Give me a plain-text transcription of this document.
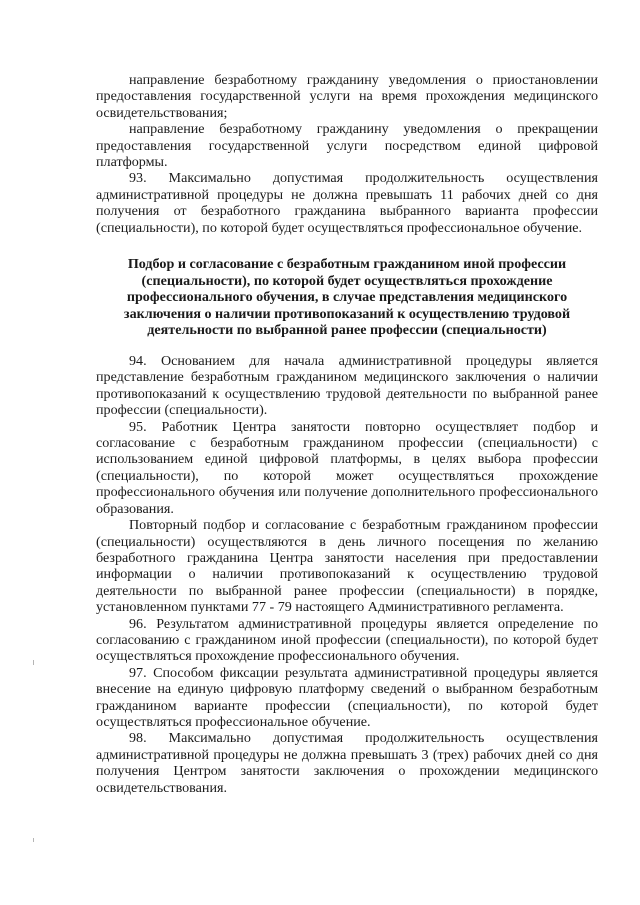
направление безработному гражданину уведомления о приостановлении предоставления государственной услуги на время прохождения медицинского освидетельствования;

направление безработному гражданину уведомления о прекращении предоставления государственной услуги посредством единой цифровой платформы.

93. Максимально допустимая продолжительность осуществления административной процедуры не должна превышать 11 рабочих дней со дня получения от безработного гражданина выбранного варианта профессии (специальности), по которой будет осуществляться профессиональное обучение.

Подбор и согласование с безработным гражданином иной профессии (специальности), по которой будет осуществляться прохождение профессионального обучения, в случае представления медицинского заключения о наличии противопоказаний к осуществлению трудовой деятельности по выбранной ранее профессии (специальности)

94. Основанием для начала административной процедуры является представление безработным гражданином медицинского заключения о наличии противопоказаний к осуществлению трудовой деятельности по выбранной ранее профессии (специальности).

95. Работник Центра занятости повторно осуществляет подбор и согласование с безработным гражданином профессии (специальности) с использованием единой цифровой платформы, в целях выбора профессии (специальности), по которой может осуществляться прохождение профессионального обучения или получение дополнительного профессионального образования.

Повторный подбор и согласование с безработным гражданином профессии (специальности) осуществляются в день личного посещения по желанию безработного гражданина Центра занятости населения при предоставлении информации о наличии противопоказаний к осуществлению трудовой деятельности по выбранной ранее профессии (специальности) в порядке, установленном пунктами 77 - 79 настоящего Административного регламента.

96. Результатом административной процедуры является определение по согласованию с гражданином иной профессии (специальности), по которой будет осуществляться прохождение профессионального обучения.

97. Способом фиксации результата административной процедуры является внесение на единую цифровую платформу сведений о выбранном безработным гражданином варианте профессии (специальности), по которой будет осуществляться профессиональное обучение.

98. Максимально допустимая продолжительность осуществления административной процедуры не должна превышать 3 (трех) рабочих дней со дня получения Центром занятости заключения о прохождении медицинского освидетельствования.
